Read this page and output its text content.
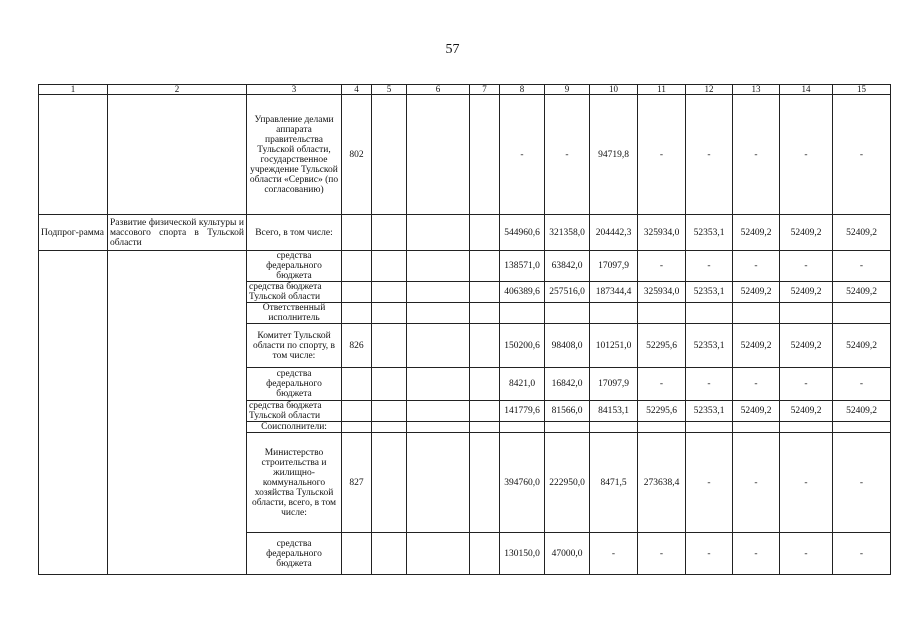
57
1	2	3	4	5	6	7	8	9	10	11	12	13	14	15
		Управление делами аппарата правительства Тульской области, государственное учреждение Тульской области «Сервис» (по согласованию)	802				-	-	94719,8	-	-	-	-	-
Подпрог-рамма	Развитие физической культуры и массового спорта в Тульской области	Всего, в том числе:					544960,6	321358,0	204442,3	325934,0	52353,1	52409,2	52409,2	52409,2
		средства федерального бюджета					138571,0	63842,0	17097,9	-	-	-	-	-
		средства бюджета Тульской области					406389,6	257516,0	187344,4	325934,0	52353,1	52409,2	52409,2	52409,2
		Ответственный исполнитель												
		Комитет Тульской области по спорту, в том числе:	826				150200,6	98408,0	101251,0	52295,6	52353,1	52409,2	52409,2	52409,2
		средства федерального бюджета					8421,0	16842,0	17097,9	-	-	-	-	-
		средства бюджета Тульской области					141779,6	81566,0	84153,1	52295,6	52353,1	52409,2	52409,2	52409,2
		Соисполнители:												
		Министерство строительства и жилищно-коммунального хозяйства Тульской области, всего, в том числе:	827				394760,0	222950,0	8471,5	273638,4	-	-	-	-
		средства федерального бюджета					130150,0	47000,0	-	-	-	-	-	-
